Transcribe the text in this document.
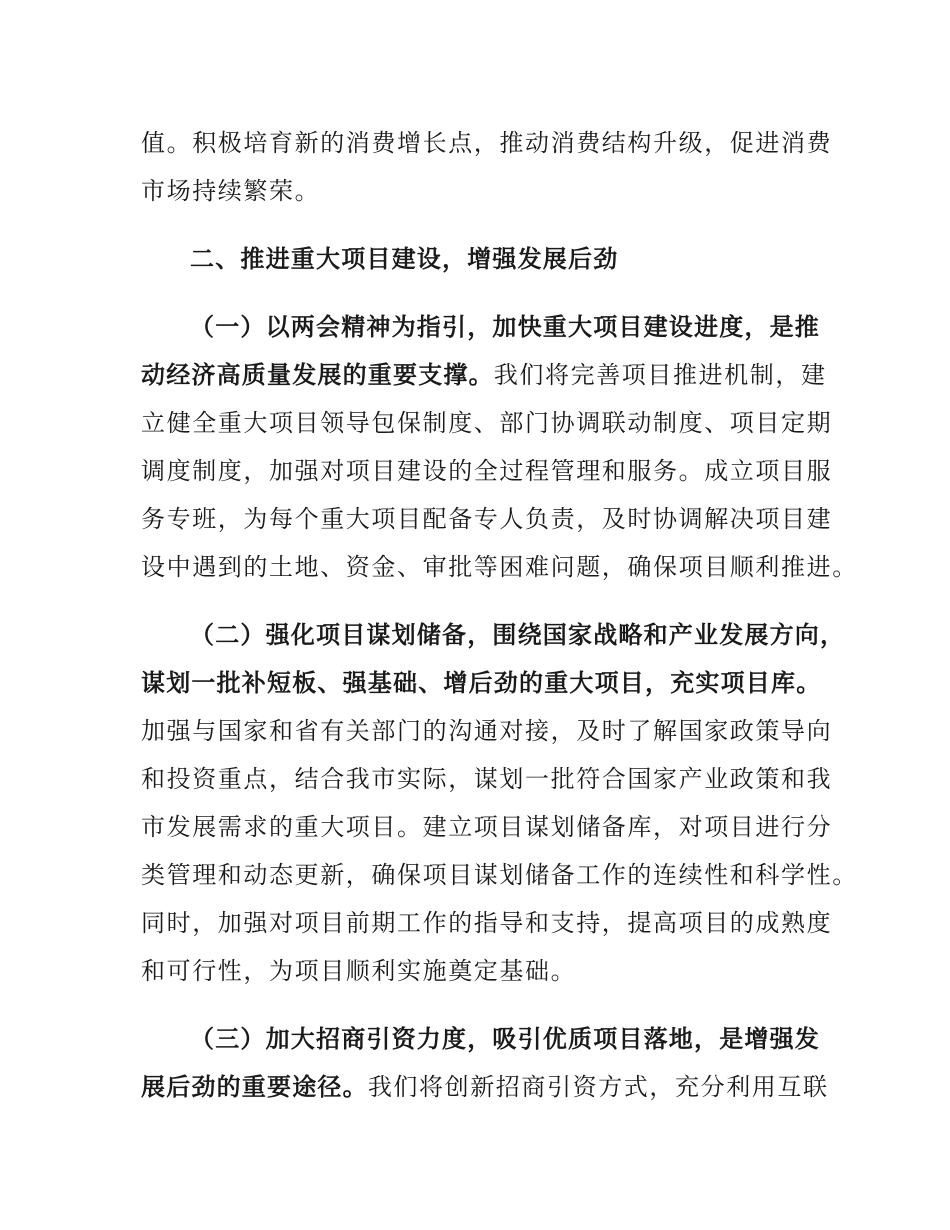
值。积极培育新的消费增长点，推动消费结构升级，促进消费
市场持续繁荣。
二、推进重大项目建设，增强发展后劲
（一）以两会精神为指引，加快重大项目建设进度，是推
动经济高质量发展的重要支撑。我们将完善项目推进机制，建
立健全重大项目领导包保制度、部门协调联动制度、项目定期
调度制度，加强对项目建设的全过程管理和服务。成立项目服
务专班，为每个重大项目配备专人负责，及时协调解决项目建
设中遇到的土地、资金、审批等困难问题，确保项目顺利推进。
（二）强化项目谋划储备，围绕国家战略和产业发展方向，
谋划一批补短板、强基础、增后劲的重大项目，充实项目库。
加强与国家和省有关部门的沟通对接，及时了解国家政策导向
和投资重点，结合我市实际，谋划一批符合国家产业政策和我
市发展需求的重大项目。建立项目谋划储备库，对项目进行分
类管理和动态更新，确保项目谋划储备工作的连续性和科学性。
同时，加强对项目前期工作的指导和支持，提高项目的成熟度
和可行性，为项目顺利实施奠定基础。
（三）加大招商引资力度，吸引优质项目落地，是增强发
展后劲的重要途径。我们将创新招商引资方式，充分利用互联
